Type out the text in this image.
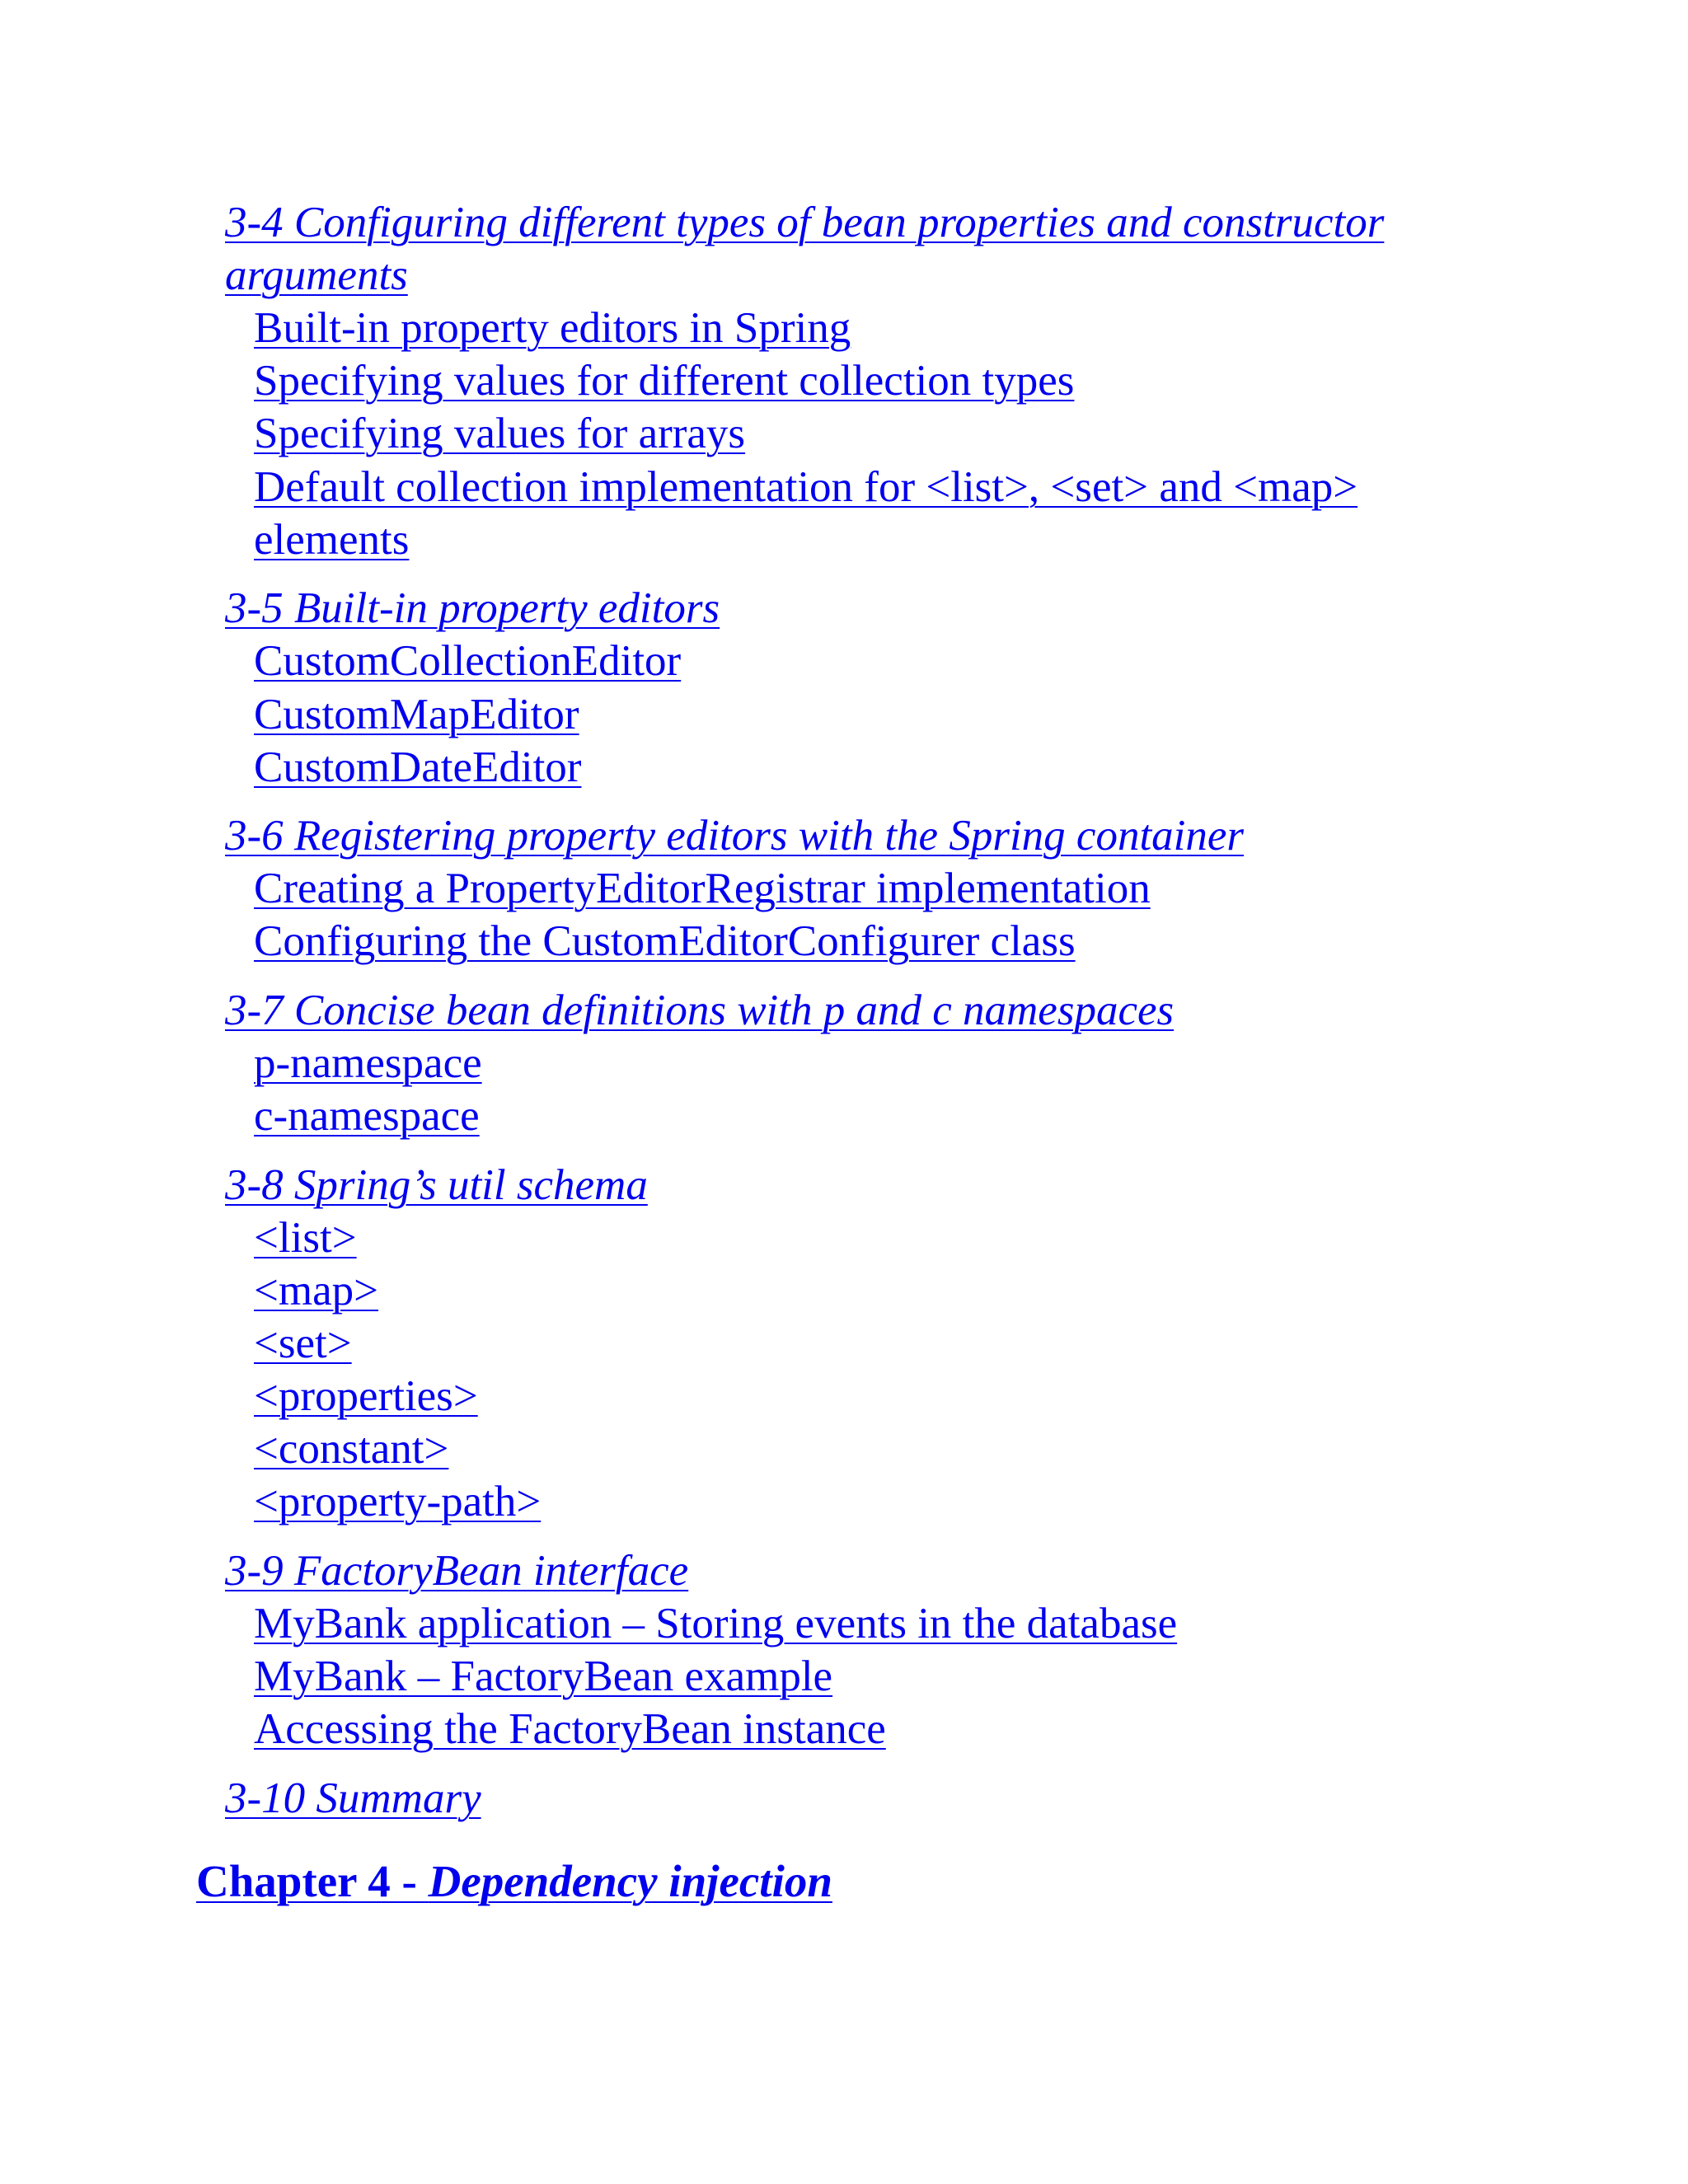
3-4 Configuring different types of bean properties and constructor

arguments

Built-in property editors in Spring

Specifying values for different collection types

Specifying values for arrays

Default collection implementation for <list>, <set> and <map>

elements

3-5 Built-in property editors

CustomCollectionEditor

CustomMapEditor

CustomDateEditor

3-6 Registering property editors with the Spring container

Creating a PropertyEditorRegistrar implementation

Configuring the CustomEditorConfigurer class

3-7 Concise bean definitions with p and c namespaces

p-namespace

c-namespace

3-8 Spring’s util schema

<list>

<map>

<set>

<properties>

<constant>

<property-path>

3-9 FactoryBean interface

MyBank application – Storing events in the database

MyBank – FactoryBean example

Accessing the FactoryBean instance

3-10 Summary

Chapter 4 - Dependency injection
